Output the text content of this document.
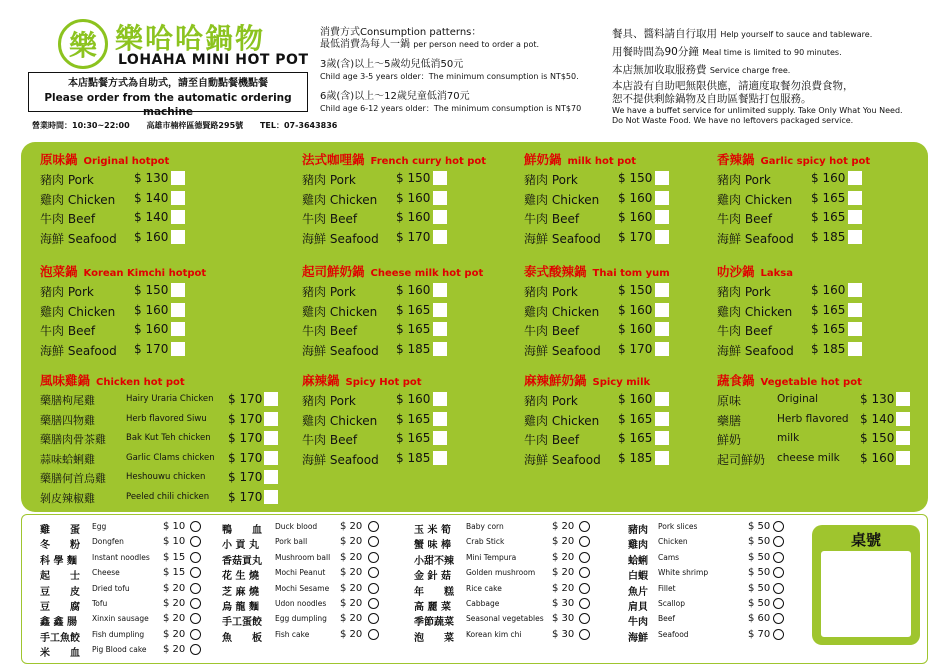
樂 樂哈哈鍋物
LOHAHA MINI HOT POT
本店點餐方式為自助式，請至自動點餐機點餐
Please order from the automatic ordering machine
營業時間：10:30~22:00 高雄市楠梓區德賢路295號 TEL：07-3643836
消費方式Consumption patterns：
最低消費為每人一鍋 per person need to order a pot.
3歲(含)以上～5歲幼兒低消50元
Child age 3-5 years older：The minimum consumption is NT$50.
6歲(含)以上～12歲兒童低消70元
Child age 6-12 years older：The minimum consumption is NT$70
餐具、醬料請自行取用 Help yourself to sauce and tableware.
用餐時間為90分鐘 Meal time is limited to 90 minutes.
本店無加收取服務費 Service charge free.
本店設有自助吧無限供應，請適度取餐勿浪費食物，
恕不提供剩餘鍋物及自助區餐點打包服務。
We have a buffet service for unlimited supply. Take Only What You Need.
Do Not Waste Food. We have no leftovers packaged service.
原味鍋 Original hotpot
豬肉 Pork	$ 130
雞肉 Chicken $ 140
牛肉 Beef	$ 140
海鮮 Seafood $ 160
法式咖哩鍋 French curry hot pot
豬肉 Pork	$ 150
雞肉 Chicken $ 160
牛肉 Beef	$ 160
海鮮 Seafood $ 170
鮮奶鍋 milk hot pot
豬肉 Pork	$ 150
雞肉 Chicken $ 160
牛肉 Beef	$ 160
海鮮 Seafood $ 170
香辣鍋 Garlic spicy hot pot
豬肉 Pork	$ 160
雞肉 Chicken $ 165
牛肉 Beef	$ 165
海鮮 Seafood $ 185
泡菜鍋 Korean Kimchi hotpot
豬肉 Pork	$ 150
雞肉 Chicken $ 160
牛肉 Beef	$ 160
海鮮 Seafood $ 170
起司鮮奶鍋 Cheese milk hot pot
豬肉 Pork	$ 160
雞肉 Chicken $ 165
牛肉 Beef	$ 165
海鮮 Seafood $ 185
泰式酸辣鍋 Thai tom yum
豬肉 Pork	$ 150
雞肉 Chicken $ 160
牛肉 Beef	$ 160
海鮮 Seafood $ 170
叻沙鍋 Laksa
豬肉 Pork	$ 160
雞肉 Chicken $ 165
牛肉 Beef	$ 165
海鮮 Seafood $ 185
風味雞鍋 Chicken hot pot
Hairy Uraria Chicken
藥膳枸尾雞	$ 170
Herb flavored Siwu
藥膳四物雞	$ 170
Bak Kut Teh chicken
藥膳肉骨茶雞	$ 170
Garlic Clams chicken
蒜味蛤蜊雞	$ 170
Heshouwu chicken
藥膳何首烏雞	$ 170
Peeled chili chicken
剝皮辣椒雞	$ 170
麻辣鍋 Spicy Hot pot
豬肉 Pork	$ 160
雞肉 Chicken $ 165
牛肉 Beef	$ 165
海鮮 Seafood $ 185
麻辣鮮奶鍋 Spicy milk
豬肉 Pork	$ 160
雞肉 Chicken $ 165
牛肉 Beef	$ 165
海鮮 Seafood $ 185
蔬食鍋 Vegetable hot pot
Original
原味	$ 130
Herb flavored
藥膳	$ 140
milk
鮮奶	$ 150
cheese milk
起司鮮奶	$ 160
雞　　蛋 Egg	$ 10
冬　　粉 Dongfen	$ 10
科 學 麵 Instant noodles $ 15
起　　士 Cheese	$ 15
豆　　皮 Dried tofu	$ 20
豆　　腐 Tofu	$ 20
鑫 鑫 腸 Xinxin sausage $ 20
手工魚餃 Fish dumpling $ 20
米　　血 Pig Blood cake $ 20
鴨　　血 Duck blood $ 20
小 貢 丸 Pork ball	$ 20
香菇貢丸 Mushroom ball $ 20
花 生 燒 Mochi Peanut $ 20
芝 麻 燒 Mochi Sesame $ 20
烏 龍 麵 Udon noodles $ 20
手工蛋餃 Egg dumpling $ 20
魚　　板 Fish cake	$ 20
玉 米 筍 Baby corn	$ 20
蟹 味 棒 Crab Stick	$ 20
小甜不辣 Mini Tempura	$ 20
金 針 菇 Golden mushroom $ 20
年　　糕 Rice cake	$ 20
高 麗 菜 Cabbage	$ 30
季節蔬菜 Seasonal vegetables $ 30
泡　　菜 Korean kim chi	$ 30
豬肉 Pork slices	$ 50
雞肉 Chicken	$ 50
蛤蜊 Cams	$ 50
白蝦 White shrimp	$ 50
魚片 Fillet	$ 50
肩貝 Scallop	$ 50
牛肉 Beef	$ 60
海鮮 Seafood	$ 70
桌號
